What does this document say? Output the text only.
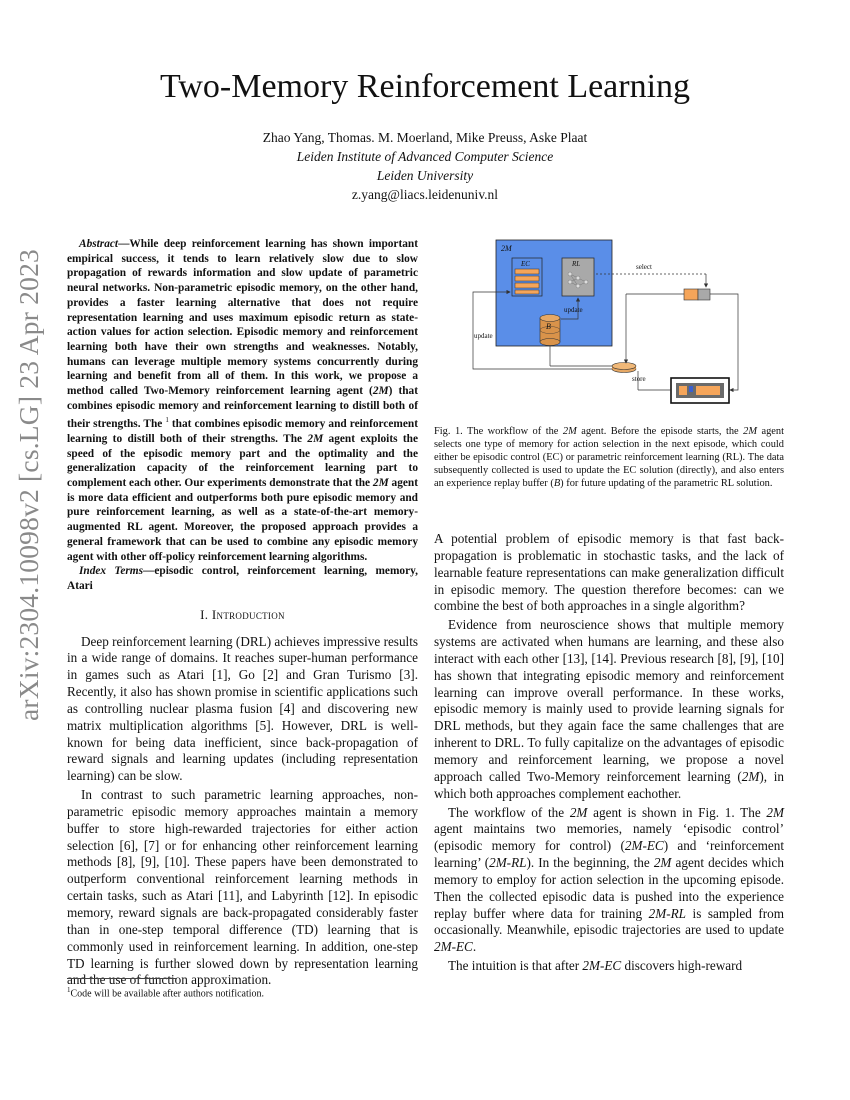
arXiv:2304.10098v2 [cs.LG] 23 Apr 2023
Two-Memory Reinforcement Learning
Zhao Yang, Thomas. M. Moerland, Mike Preuss, Aske Plaat
Leiden Institute of Advanced Computer Science
Leiden University
z.yang@liacs.leidenuniv.nl

Abstract—While deep reinforcement learning has shown important empirical success, it tends to learn relatively slow due to slow propagation of rewards information and slow update of parametric neural networks. Non-parametric episodic memory, on the other hand, provides a faster learning alternative that does not require representation learning and uses maximum episodic return as state-action values for action selection. Episodic memory and reinforcement learning both have their own strengths and weaknesses. Notably, humans can leverage multiple memory systems concurrently during learning and benefit from all of them. In this work, we propose a method called Two-Memory reinforcement learning agent (2M) that combines episodic memory and reinforcement learning to distill both of their strengths. The $^1$ that combines episodic memory and reinforcement learning to distill both of their strengths. The 2M agent exploits the speed of the episodic memory part and the optimality and the generalization capacity of the reinforcement learning part to complement each other. Our experiments demonstrate that the 2M agent is more data efficient and outperforms both pure episodic memory and pure reinforcement learning, as well as a state-of-the-art memory-augmented RL agent. Moreover, the proposed approach provides a general framework that can be used to combine any episodic memory agent with other off-policy reinforcement learning algorithms.

Index Terms—episodic control, reinforcement learning, memory, Atari

I. Introduction

Deep reinforcement learning (DRL) achieves impressive results in a wide range of domains. It reaches super-human performance in games such as Atari [1], Go [2] and Gran Turismo [3]. Recently, it also has shown promise in scientific applications such as controlling nuclear plasma fusion [4] and discovering new matrix multiplication algorithms [5]. However, DRL is well-known for being data inefficient, since back-propagation of reward signals and learning updates (including representation learning) can be slow.

In contrast to such parametric learning approaches, non-parametric episodic memory approaches maintain a memory buffer to store high-rewarded trajectories for either action selection [6], [7] or for enhancing other reinforcement learning methods [8], [9], [10]. These papers have been demonstrated to outperform conventional reinforcement learning methods in certain tasks, such as Atari [11], and Labyrinth [12]. In episodic memory, reward signals are back-propagated considerably faster than in one-step temporal difference (TD) learning that is commonly used in reinforcement learning. In addition, one-step TD learning is further slowed down by representation learning and the use of function approximation.

$^1$Code will be available after authors notification.
2M
EC	RL
update
B
store
update
select
Fig. 1. The workflow of the 2M agent. Before the episode starts, the 2M agent selects one type of memory for action selection in the next episode, which could either be episodic control (EC) or parametric reinforcement learning (RL). The data subsequently collected is used to update the EC solution (directly), and also enters an experience replay buffer (B) for future updating of the parametric RL solution.

A potential problem of episodic memory is that fast back-propagation is problematic in stochastic tasks, and the lack of learnable feature representations can make generalization difficult in episodic memory. The question therefore becomes: can we combine the best of both approaches in a single algorithm?

Evidence from neuroscience shows that multiple memory systems are activated when humans are learning, and these also interact with each other [13], [14]. Previous research [8], [9], [10] has shown that integrating episodic memory and reinforcement learning can improve overall performance. In these works, episodic memory is mainly used to provide learning signals for DRL methods, but they again face the same challenges that are inherent to DRL. To fully capitalize on the advantages of episodic memory and reinforcement learning, we propose a novel approach called Two-Memory reinforcement learning (2M), in which both approaches complement eachother.

The workflow of the 2M agent is shown in Fig. 1. The 2M agent maintains two memories, namely ‘episodic control’ (episodic memory for control) (2M-EC) and ‘reinforcement learning’ (2M-RL). In the beginning, the 2M agent decides which memory to employ for action selection in the upcoming episode. Then the collected episodic data is pushed into the experience replay buffer where data for training 2M-RL is sampled from occasionally. Meanwhile, episodic trajectories are used to update 2M-EC.

The intuition is that after 2M-EC discovers high-reward
